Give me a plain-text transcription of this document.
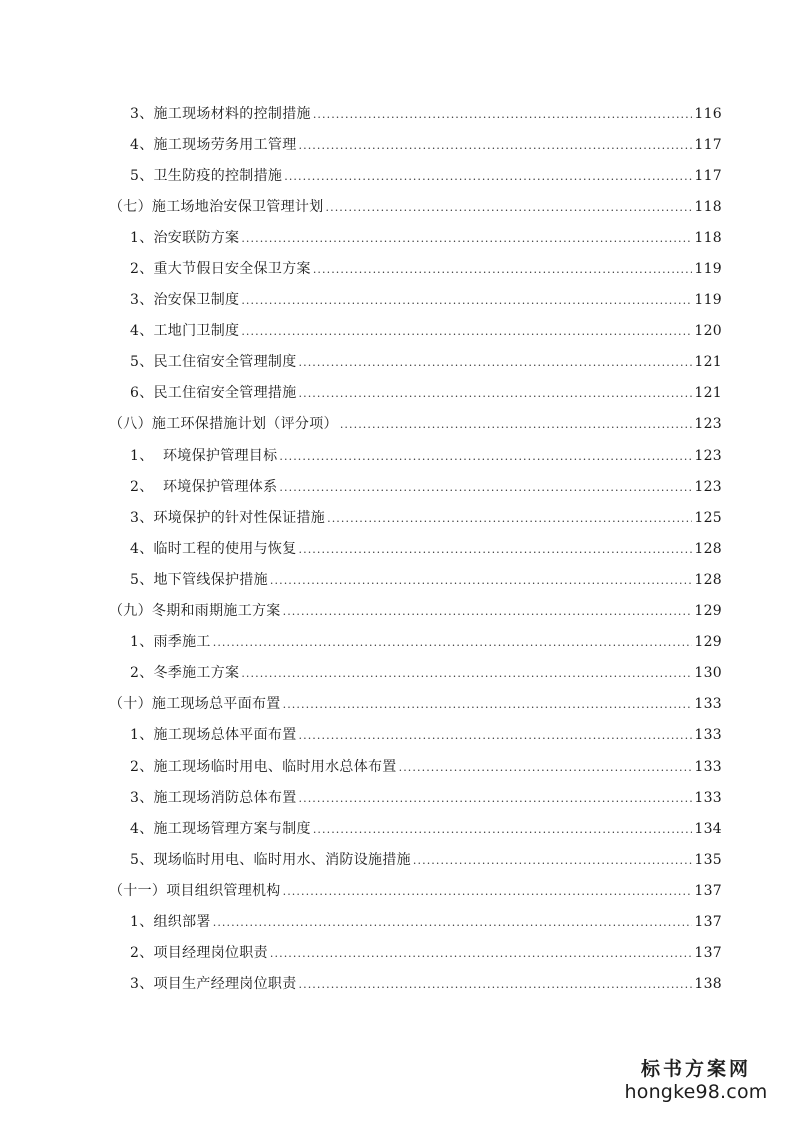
3、施工现场材料的控制措施 .....	116
4、施工现场劳务用工管理 .....	117
5、卫生防疫的控制措施 .....	117
（七）施工场地治安保卫管理计划 .....	118
1、治安联防方案 .....	118
2、重大节假日安全保卫方案 .....	119
3、治安保卫制度 .....	119
4、工地门卫制度 .....	120
5、民工住宿安全管理制度 .....	121
6、民工住宿安全管理措施 .....	121
（八）施工环保措施计划（评分项） .....	123
1、  环境保护管理目标 .....	123
2、  环境保护管理体系 .....	123
3、环境保护的针对性保证措施 .....	125
4、临时工程的使用与恢复 .....	128
5、地下管线保护措施 .....	128
（九）冬期和雨期施工方案 .....	129
1、雨季施工 .....	129
2、冬季施工方案 .....	130
（十）施工现场总平面布置 .....	133
1、施工现场总体平面布置 .....	133
2、施工现场临时用电、临时用水总体布置 .....	133
3、施工现场消防总体布置 .....	133
4、施工现场管理方案与制度 .....	134
5、现场临时用电、临时用水、消防设施措施 .....	135
（十一）项目组织管理机构 .....	137
1、组织部署 .....	137
2、项目经理岗位职责 .....	137
3、项目生产经理岗位职责 .....	138
标书方案网
hongke98.com
